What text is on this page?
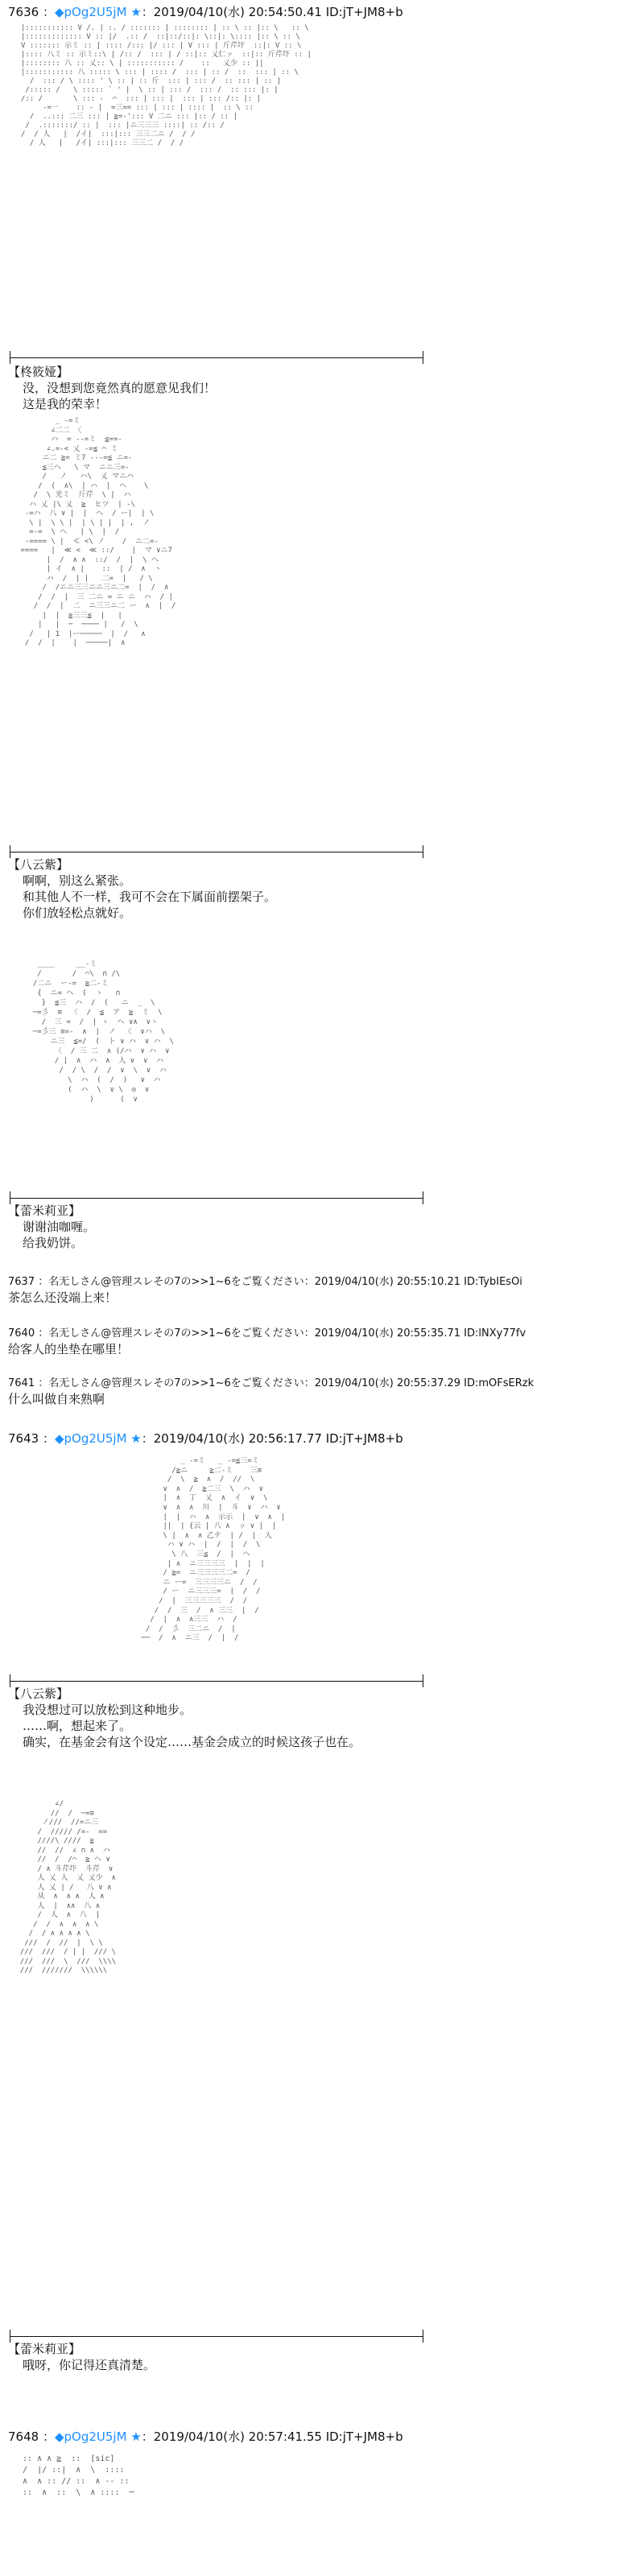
7636 ：◆pOg2U5jM ★：2019/04/10(水) 20:54:50.41 ID:jT+JM8+b
|::::::::::: V /. | :. / ::::::: | :::::::: | :: \ :: |:: \   :: \
|::::::::::::: V :: |/  .:: /  ::|::/::|: \::|: \:::: |:: \ :: \
V ::::::: 示ミ :: | :::: /::: |/ ::: | V ::: | 斤芹圷  ::|: V :: \
|:::: 八ミ :: 示ミ::\ | /:: /  ::: | / ::|:: 乂仁ッ  ::|:: 斤芹圷 :: |
|:::::::: 八 :: 乂:: \ | ::::::::::: /    ::   乂少 :: ||
|::::::::::: 八 ::::: \ ::: | :::: /  ::: | :: /  ::  ::: | :: \
/  ::: / \ :::: ' \ :: | :: 斤  ::: | ::: /  :: ::: | :: |
/::::: /   \ ::::: ` ' |  \ :: | ::: /  ::: /  :: ::: |: |
/:: /       \ ::: -  ⌒  ::: | ::: |  ::: | ::: /:: |: |
-=一    :: - |  =三== ::: | ::: | :::: |  :: \ ::
/  ..::: 二三 ::: | ≧=-'::: V 二ニ ::: |:: / :: |
/  .:::::::/ :: |  ::: |ニ三三三 ::::| :: /:: /
/  / 人   |  /イ|  :::|::: 三三二ニ /  / /
/ 人   |   /イ| :::|::: 三三二 /  / /
【柊筱娅】
没，没想到您竟然真的愿意见我们！
这是我的荣幸！
_ -=ミ
∠二二 〈
ハ  = --=ミ  ≦==-
∠.=-< 乂 -=≦ ⌒ ミ
ニ二 ≧= ミ7 ---=≦ ニ=-
≦三ヘ   \ マ  ニニ三=-
/   ノ   ハ\  乂 マニハ
/  (  ∧\  | ハ  |  ヘ    \
/  \ 光ミ  斤芹  \ |  ハ
ハ 乂 |\ 乂  ≧  ヒツ  | -\
-=ハ  八 ∨ |  |  ヘ  / ー|  | \
\ |  \ \ |  | \ | |  | ,  ノ
=-=  \ ヘ   | \  |  /
-==== \ |  ≪ <\ ノ    /  ニ二=-
====   |  ≪ <  ≪ ::/    |  マ ∨ニ7
|  /  ∧ ∧  ::/  /  |  \ ヘ
| イ  ∧ |    ::  | /  ∧  ヽ
ハ  /  | |   二=  |   / \
/  /ニニ三三ニニ三ニ二=  |  /  ∧
/  /  |  三 二ニ = ニ ニ  ハ  / |
/  /  |  二  ニ三三ニ二 ー  ∧  |  /
|  |  ≧三三≦  |   |
|   |  ─  ──── |   /  \
/   | 1  |ー─────  |  /   ∧
/  /  |    |  ─────|  ∧
【八云紫】
啊啊，别这么紧张。
和其他人不一样，我可不会在下属面前摆架子。
你们放轻松点就好。
____     __-ミ
/       /  ⌒\  ∩ /\
/二ニ  ー-=  ≧二-ミ
{  ニ= ヘ  (  ゝ   ∩
}  ≦三  ハ  /  (   ニ  _  \
─=彡  ≡  〈  /  ≦  ア  ≧  ミ  \
/  三 =  /  | ゝ  ヘ ∨∧  ∨ヽ
─=彡三 ≡=-  ∧  |  ノ  〈  ∨ハ  \
ニ三  ≦=/  (  ト ∨ ハ  ∨ ハ  \
〈  / 三 二  ∧ (/ハ  ∨ ハ  ∨
/ |  ∧  ハ  ∧  人 ∨  ∨  ハ
/  / \  /  /  ∨  \  ∨  ハ
\  ハ  (  /  )   ∨  ハ
(  ハ  \  ∨ \  ◎  ∨
)      (  ∨
【蕾米莉亚】
谢谢油咖喱。
给我奶饼。
7637 ：名无しさん@管理スレその7の>>1~6をご覧ください：2019/04/10(水) 20:55:10.21 ID:TybIEsOi
茶怎么还没端上来！
7640 ：名无しさん@管理スレその7の>>1~6をご覧ください：2019/04/10(水) 20:55:35.71 ID:lNXy77fv
给客人的坐垫在哪里！
7641 ：名无しさん@管理スレその7の>>1~6をご覧ください：2019/04/10(水) 20:55:37.29 ID:mOFsERzk
什么叫做自来熟啊
7643 ：◆pOg2U5jM ★：2019/04/10(水) 20:56:17.77 ID:jT+JM8+b
_ -=ミ   _ -=≦三=ミ
/≧ニ     ≧二-ミ    三≡
/  \  ≧  ∧  /  //  \
∨  ∧  /  ≧二三  \  ハ  ∨
|  ∧  丁  乂  ∧  イ  ∨  \
∨  ∧  ∧  川  |  斗  ∨  ハ  ∨
|  |  ハ  ∧  示示  |  ∨  ∧  |
||  | {云 | 八 ∧  ッ ∨ |  |
\ |  ∧  ∧ 乙テ  | /  |  人
ハ ∨ ハ  |  /  |  /  \
\ 八  三≦  /  |  ヘ
| ∧  ニ三三三三  |  |  |
/ ≧=  ニ三三三三二=  /
ニ ー=  三三三三ニ  /  /
/ ー  ニ三三三=  |  /  /
/  |  三三三三三  /  /
/  /  三  /  ∧ 三三  |  /
/  |  ∧  ∧三三  ハ  /
/  /  彡  三二ニ  /  |
──  /  ∧  ニ三  /  |  /
【八云紫】
我没想过可以放松到这种地步。
……啊，想起来了。
确实，在基金会有这个设定……基金会成立的时候这孩子也在。
∠/
//  /  ─=≡
ノ///  //=ニ三
/  ///// /=-  ==
////\ ////  ≧
//  //  ∠ ∩ ∧  ハ
//  /  /⌒  ≧ ヘ ∨
/ ∧ 斗芹圷  斗芹  ∨
人 乂 人  乂 乂少  ∧
人 乂 | /   八 ∨ ∧
从  ∧  ∧ ∧  人 ∧
人  |  ∧∧  八 ∧
/  人  ∧  八  |
/  /  ∧  ∧  ∧ \
/  / ∧ ∧ ∧ ∧ \
///  /  //  |  \ \
///  ///  / | |  /// \
///  ///  \  ///  \\\\
///  ///////  \\\\\\
【蕾米莉亚】
哦呀，你记得还真清楚。
7648 ：◆pOg2U5jM ★：2019/04/10(水) 20:57:41.55 ID:jT+JM8+b
:: ∧ ∧ ≧  ::  [sic]
/  |/ ::|  ∧  \  ::::
∧  ∧ :: // ::  ∧ -- ::
::  ∧  ::  \  ∧ ::::  ─
